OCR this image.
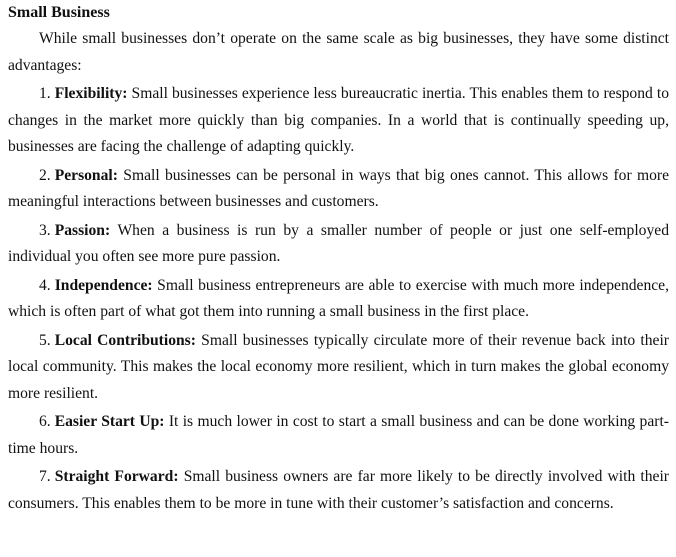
Small Business

While small businesses don’t operate on the same scale as big businesses, they have some distinct advantages:

1. Flexibility: Small businesses experience less bureaucratic inertia. This enables them to respond to changes in the market more quickly than big companies. In a world that is continually speeding up, businesses are facing the challenge of adapting quickly.

2. Personal: Small businesses can be personal in ways that big ones cannot. This allows for more meaningful interactions between businesses and customers.

3. Passion: When a business is run by a smaller number of people or just one self-employed individual you often see more pure passion.

4. Independence: Small business entrepreneurs are able to exercise with much more independence, which is often part of what got them into running a small business in the first place.

5. Local Contributions: Small businesses typically circulate more of their revenue back into their local community. This makes the local economy more resilient, which in turn makes the global economy more resilient.

6. Easier Start Up: It is much lower in cost to start a small business and can be done working part-time hours.

7. Straight Forward: Small business owners are far more likely to be directly involved with their consumers. This enables them to be more in tune with their customer’s satisfaction and concerns.
